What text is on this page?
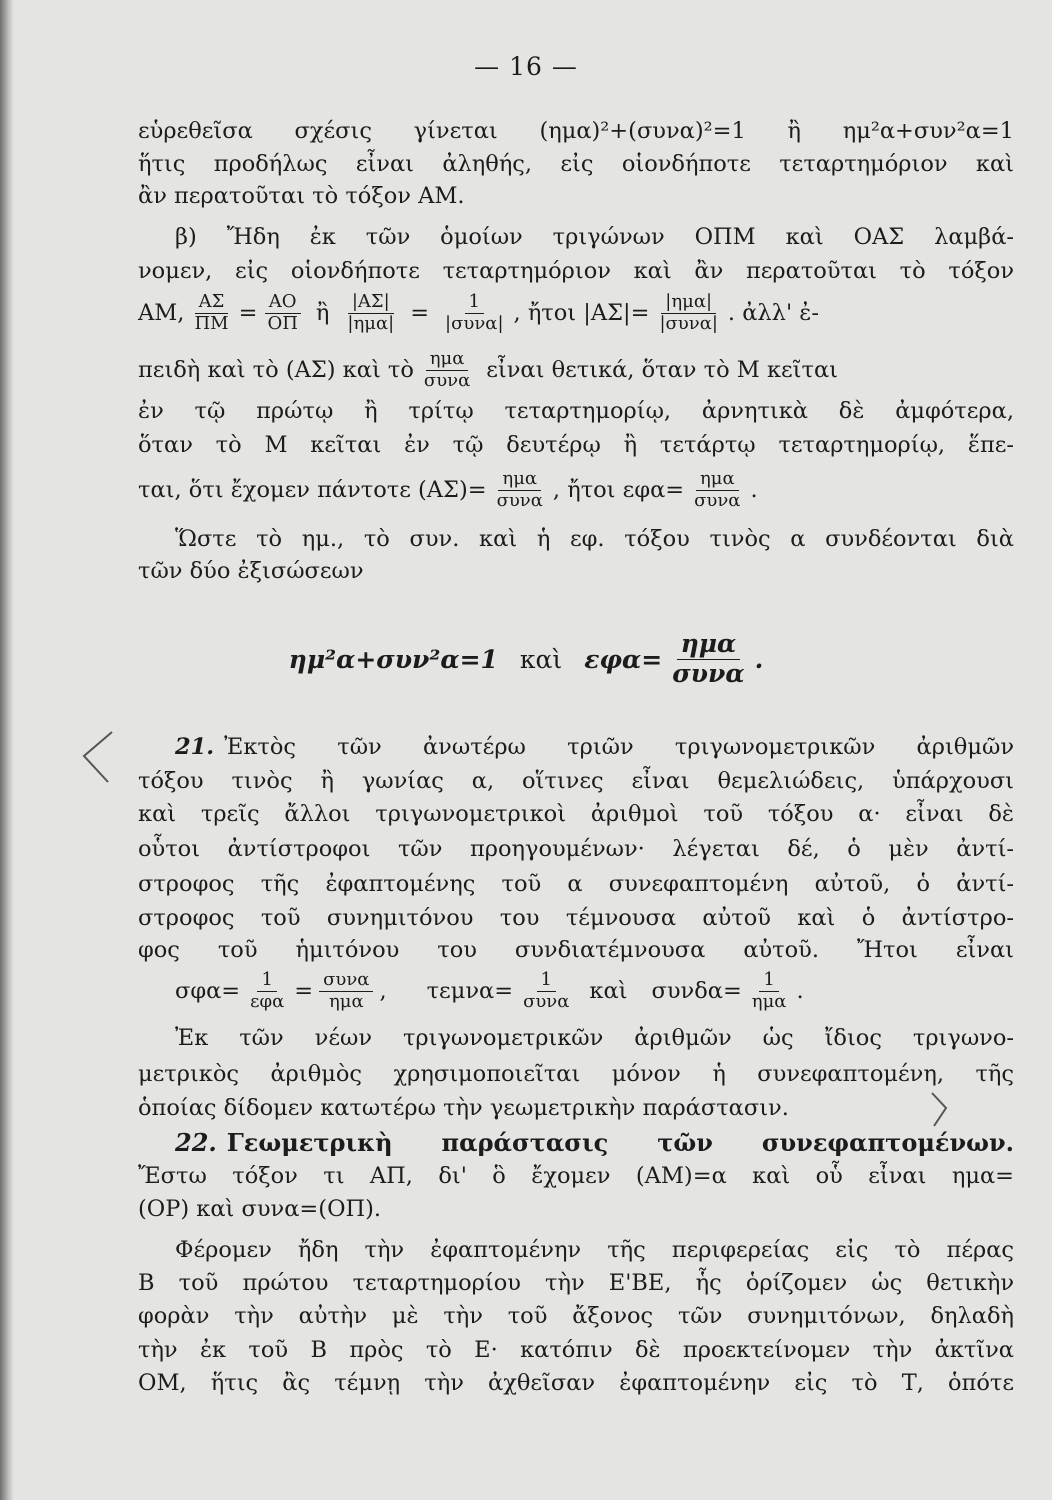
— 16 —
εὑρεθεῖσα σχέσις γίνεται (ημα)²+(συνα)²=1 ἢ ημ²α+συν²α=1
ἥτις προδήλως εἶναι ἀληθής, εἰς οἱονδήποτε τεταρτημόριον καὶ
ἂν περατοῦται τὸ τόξον ΑΜ.
β) Ἤδη ἐκ τῶν ὁμοίων τριγώνων ΟΠΜ καὶ ΟΑΣ λαμβά-
νομεν, εἰς οἱονδήποτε τεταρτημόριον καὶ ἂν περατοῦται τὸ τόξον
ΑΜ, $\frac{A\Sigma}{\Pi M} = \frac{AO}{O\Pi}$ ἢ $\frac{|A\Sigma|}{\text{|ημα|}} = \frac{1}{\text{|συνα|}}$ , ἤτοι $|A\Sigma|= \frac{\text{|ημα|}}{\text{|συνα|}}$ . ἀλλ' ἐ-
πειδὴ καὶ τὸ (ΑΣ) καὶ τὸ $\frac{\text{ημα}}{\text{συνα}}$ εἶναι θετικά, ὅταν τὸ Μ κεῖται
ἐν τῷ πρώτῳ ἢ τρίτῳ τεταρτημορίῳ, ἀρνητικὰ δὲ ἀμφότερα,
ὅταν τὸ Μ κεῖται ἐν τῷ δευτέρῳ ἢ τετάρτῳ τεταρτημορίῳ, ἕπε-
ται, ὅτι ἔχομεν πάντοτε $(A\Sigma)= \frac{\text{ημα}}{\text{συνα}}$ , ἤτοι $\varepsilon\varphi\alpha= \frac{\text{ημα}}{\text{συνα}}$ .
Ὥστε τὸ ημ., τὸ συν. καὶ ἡ εφ. τόξου τινὸς α συνδέονται διὰ
τῶν δύο ἐξισώσεων
ημ²α+συν²α=1 καὶ $\varepsilon\varphi\alpha= \frac{\text{ημα}}{\text{συνα}}$ .
21. Ἐκτὸς τῶν ἀνωτέρω τριῶν τριγωνομετρικῶν ἀριθμῶν
τόξου τινὸς ἢ γωνίας α, οἵτινες εἶναι θεμελιώδεις, ὑπάρχουσι
καὶ τρεῖς ἄλλοι τριγωνομετρικοὶ ἀριθμοὶ τοῦ τόξου α· εἶναι δὲ
οὗτοι ἀντίστροφοι τῶν προηγουμένων· λέγεται δέ, ὁ μὲν ἀντί-
στροφος τῆς ἐφαπτομένης τοῦ α συνεφαπτομένη αὐτοῦ, ὁ ἀντί-
στροφος τοῦ συνημιτόνου του τέμνουσα αὐτοῦ καὶ ὁ ἀντίστρο-
φος τοῦ ἡμιτόνου του συνδιατέμνουσα αὐτοῦ. Ἤτοι εἶναι
$\sigma\varphi\alpha= \frac{1}{\text{εφα}} = \frac{\text{συνα}}{\text{ημα}}$ , $\tau\varepsilon\mu\nu\alpha= \frac{1}{\text{συνα}}$ καὶ $\sigma\upsilon\nu\delta\alpha= \frac{1}{\text{ημα}}$ .
Ἐκ τῶν νέων τριγωνομετρικῶν ἀριθμῶν ὡς ἴδιος τριγωνο-
μετρικὸς ἀριθμὸς χρησιμοποιεῖται μόνον ἡ συνεφαπτομένη, τῆς
ὁποίας δίδομεν κατωτέρω τὴν γεωμετρικὴν παράστασιν.
22. Γεωμετρικὴ παράστασις τῶν συνεφαπτομένων.
Ἔστω τόξον τι ΑΠ, δι' ὃ ἔχομεν (ΑΜ)=α καὶ οὗ εἶναι ημα=
(ΟΡ) καὶ συνα=(ΟΠ).
Φέρομεν ἤδη τὴν ἐφαπτομένην τῆς περιφερείας εἰς τὸ πέρας
Β τοῦ πρώτου τεταρτημορίου τὴν Ε'ΒΕ, ἧς ὁρίζομεν ὡς θετικὴν
φορὰν τὴν αὐτὴν μὲ τὴν τοῦ ἄξονος τῶν συνημιτόνων, δηλαδὴ
τὴν ἐκ τοῦ Β πρὸς τὸ Ε· κατόπιν δὲ προεκτείνομεν τὴν ἀκτῖνα
ΟΜ, ἥτις ἂς τέμνῃ τὴν ἀχθεῖσαν ἐφαπτομένην εἰς τὸ Τ, ὁπότε
